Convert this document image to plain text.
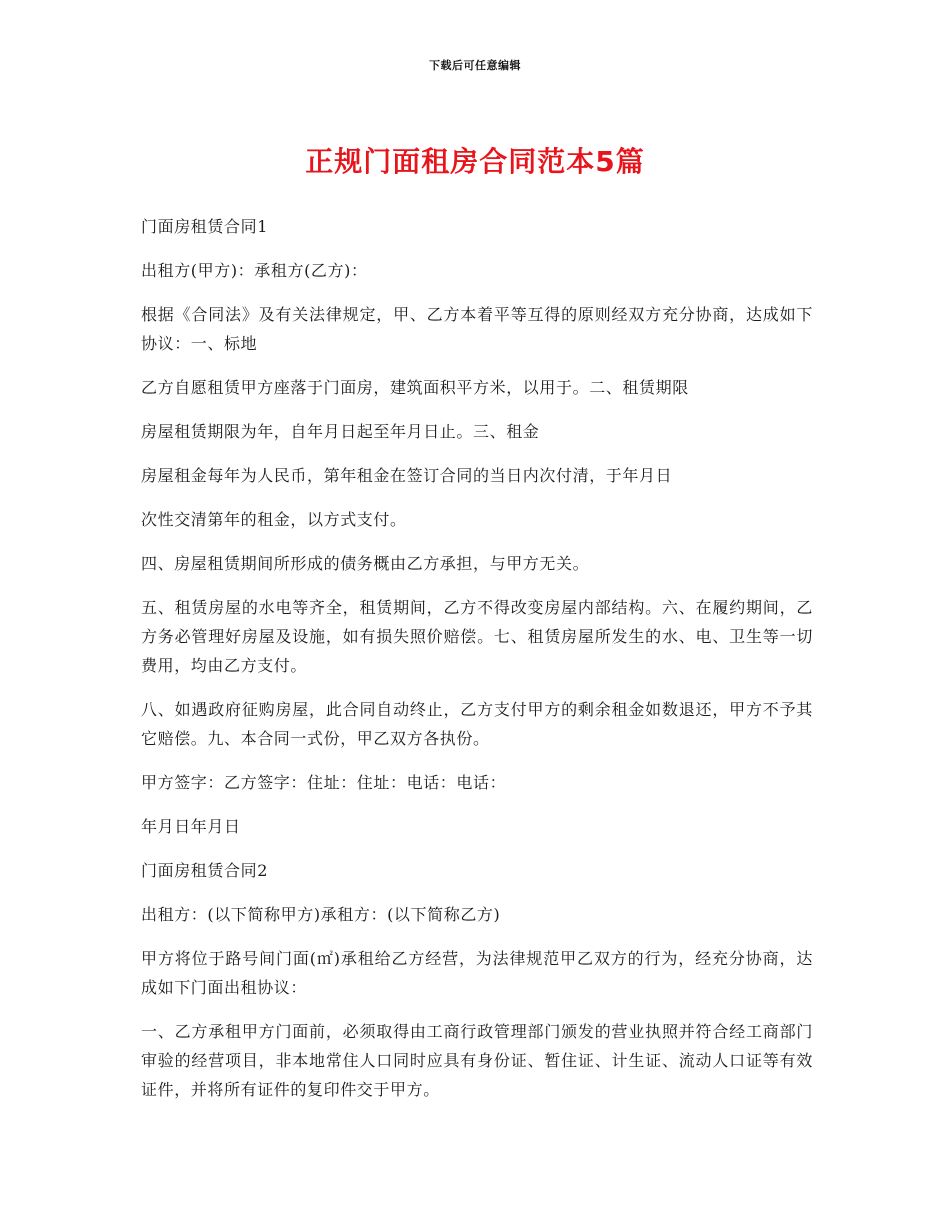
下载后可任意编辑
正规门面租房合同范本5篇

门面房租赁合同1

出租方(甲方)：承租方(乙方)：

根据《合同法》及有关法律规定，甲、乙方本着平等互得的原则经双方充分协商，达成如下协议：一、标地

乙方自愿租赁甲方座落于门面房，建筑面积平方米，以用于。二、租赁期限

房屋租赁期限为年，自年月日起至年月日止。三、租金

房屋租金每年为人民币，第年租金在签订合同的当日内次付清，于年月日

次性交清第年的租金，以方式支付。

四、房屋租赁期间所形成的债务概由乙方承担，与甲方无关。

五、租赁房屋的水电等齐全，租赁期间，乙方不得改变房屋内部结构。六、在履约期间，乙方务必管理好房屋及设施，如有损失照价赔偿。七、租赁房屋所发生的水、电、卫生等一切费用，均由乙方支付。

八、如遇政府征购房屋，此合同自动终止，乙方支付甲方的剩余租金如数退还，甲方不予其它赔偿。九、本合同一式份，甲乙双方各执份。

甲方签字：乙方签字：住址：住址：电话：电话：

年月日年月日

门面房租赁合同2

出租方：(以下简称甲方)承租方：(以下简称乙方)

甲方将位于路号间门面(㎡)承租给乙方经营，为法律规范甲乙双方的行为，经充分协商，达成如下门面出租协议：

一、乙方承租甲方门面前，必须取得由工商行政管理部门颁发的营业执照并符合经工商部门审验的经营项目，非本地常住人口同时应具有身份证、暂住证、计生证、流动人口证等有效证件，并将所有证件的复印件交于甲方。
